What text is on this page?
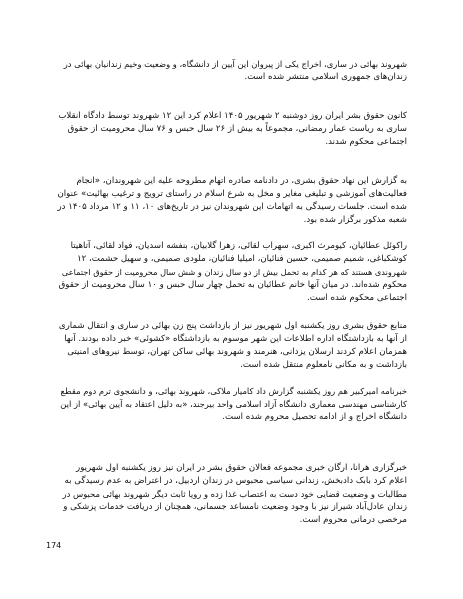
شهروند بهائی در ساری، اخراج یکی از پیروان این آیین از دانشگاه، و وضعیت وخیم زندانیان بهائی در
زندان‌های جمهوری اسلامی منتشر شده است.

کانون حقوق بشر ایران روز دوشنبه ۲ شهریور ۱۴۰۵ اعلام کرد این ۱۲ شهروند توسط دادگاه انقلاب
ساری به ریاست عمار رمضانی، مجموعاً به بیش از ۲۶ سال حبس و ۷۶ سال محرومیت از حقوق
اجتماعی محکوم شدند.

به گزارش این نهاد حقوق بشری، در دادنامه صادره اتهام مطروحه علیه این شهروندان، «انجام
فعالیت‌های آموزشی و تبلیغی مغایر و مخل به شرع اسلام در راستای ترویج و ترغیب بهائیت» عنوان
شده است. جلسات رسیدگی به اتهامات این شهروندان نیز در تاریخ‌های ۱۰، ۱۱ و ۱۲ مرداد ۱۴۰۵ در
شعبه مذکور برگزار شده بود.

راکوئل عطائیان، کیومرث اکبری، سهراب لقائی، زهرا گلابیان، بنفشه اسدیان، فواد لقائی، آتاهیتا
کوشکباغی، شمیم صمیمی، حسین فنائیان، امیلیا فنائیان، ملودی صمیمی، و سهیل حشمت، ۱۲
شهروندی هستند که هر کدام به تحمل بیش از دو سال زندان و شش سال محرومیت از حقوق اجتماعی
محکوم شده‌اند. در میان آنها خانم عطائیان به تحمل چهار سال حبس و ۱۰ سال محرومیت از حقوق
اجتماعی محکوم شده است.

منابع حقوق بشری روز یکشنبه اول شهریور نیز از بازداشت پنج زن بهائی در ساری و انتقال شماری
از آنها به بازداشتگاه اداره اطلاعات این شهر موسوم به بازداشتگاه «کشوئی» خبر داده بودند. آنها
همزمان اعلام کردند ارسلان یزدانی، هنرمند و شهروند بهائی ساکن تهران، توسط نیروهای امنیتی
بازداشت و به مکانی نامعلوم منتقل شده است.

خبرنامه امیرکبیر هم روز یکشنبه گزارش داد کامیار ملاکی، شهروند بهائی، و دانشجوی ترم دوم مقطع
کارشناسی مهندسی معماری دانشگاه آزاد اسلامی واحد بیرجند، «به دلیل اعتقاد به آیین بهائی» از این
دانشگاه اخراج و از ادامه تحصیل محروم شده است.

خبرگزاری هرانا، ارگان خبری مجموعه فعالان حقوق بشر در ایران نیز روز یکشنبه اول شهریور
اعلام کرد بابک دادبخش، زندانی سیاسی محبوس در زندان اردبیل، در اعتراض به عدم رسیدگی به
مطالبات و وضعیت قضایی خود دست به اعتصاب غذا زده و رویا ثابت دیگر شهروند بهائی محبوس در
زندان عادل‌آباد شیراز نیز با وجود وضعیت نامساعد جسمانی، همچنان از دریافت خدمات پزشکی و
مرخصی درمانی محروم است.

174
